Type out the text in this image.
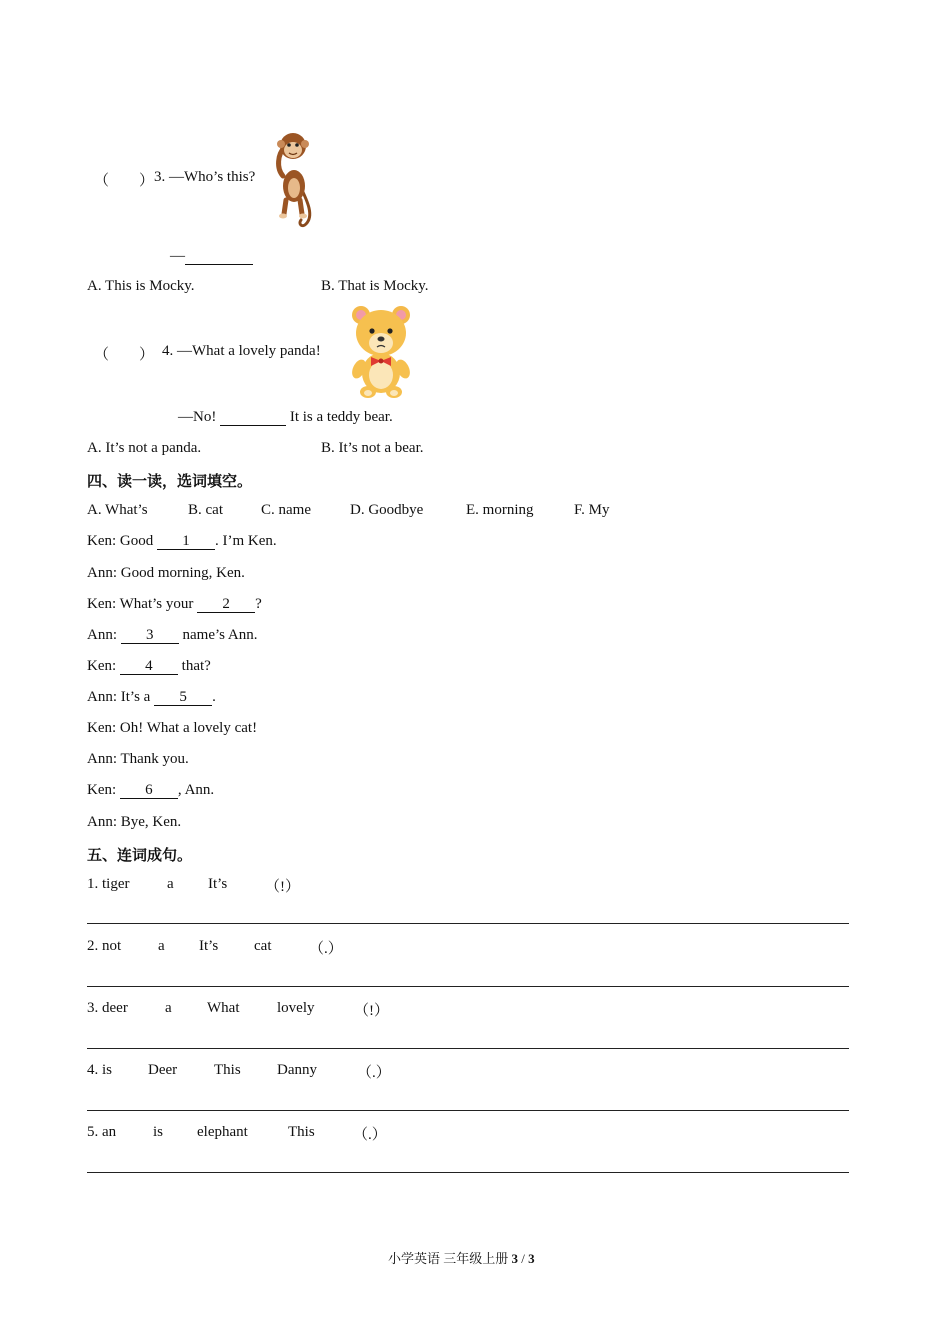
（　　） 3. —Who’s this?
—
A. This is Mocky.	B. That is Mocky.
（　　） 4. —What a lovely panda!
—No!	It is a teddy bear.
A. It’s not a panda.	B. It’s not a bear.
四、读一读，选词填空。
A. What’s	B. cat	C. name	D. Goodbye	E. morning	F. My
Ken: Good 1 . I’m Ken.
Ann: Good morning, Ken.
Ken: What’s your 2 ?
Ann: 3 name’s Ann.
Ken: 4 that?
Ann: It’s a 5 .
Ken: Oh! What a lovely cat!
Ann: Thank you.
Ken: 6 , Ann.
Ann: Bye, Ken.
五、连词成句。
1. tiger	a It’s	（!）
2. not a It’s cat	（.）
3. deer a What	lovely	（!）
4. is Deer This Danny	（.）
5. an is elephant	This	（.）
小学英语 三年级上册 3 / 3
